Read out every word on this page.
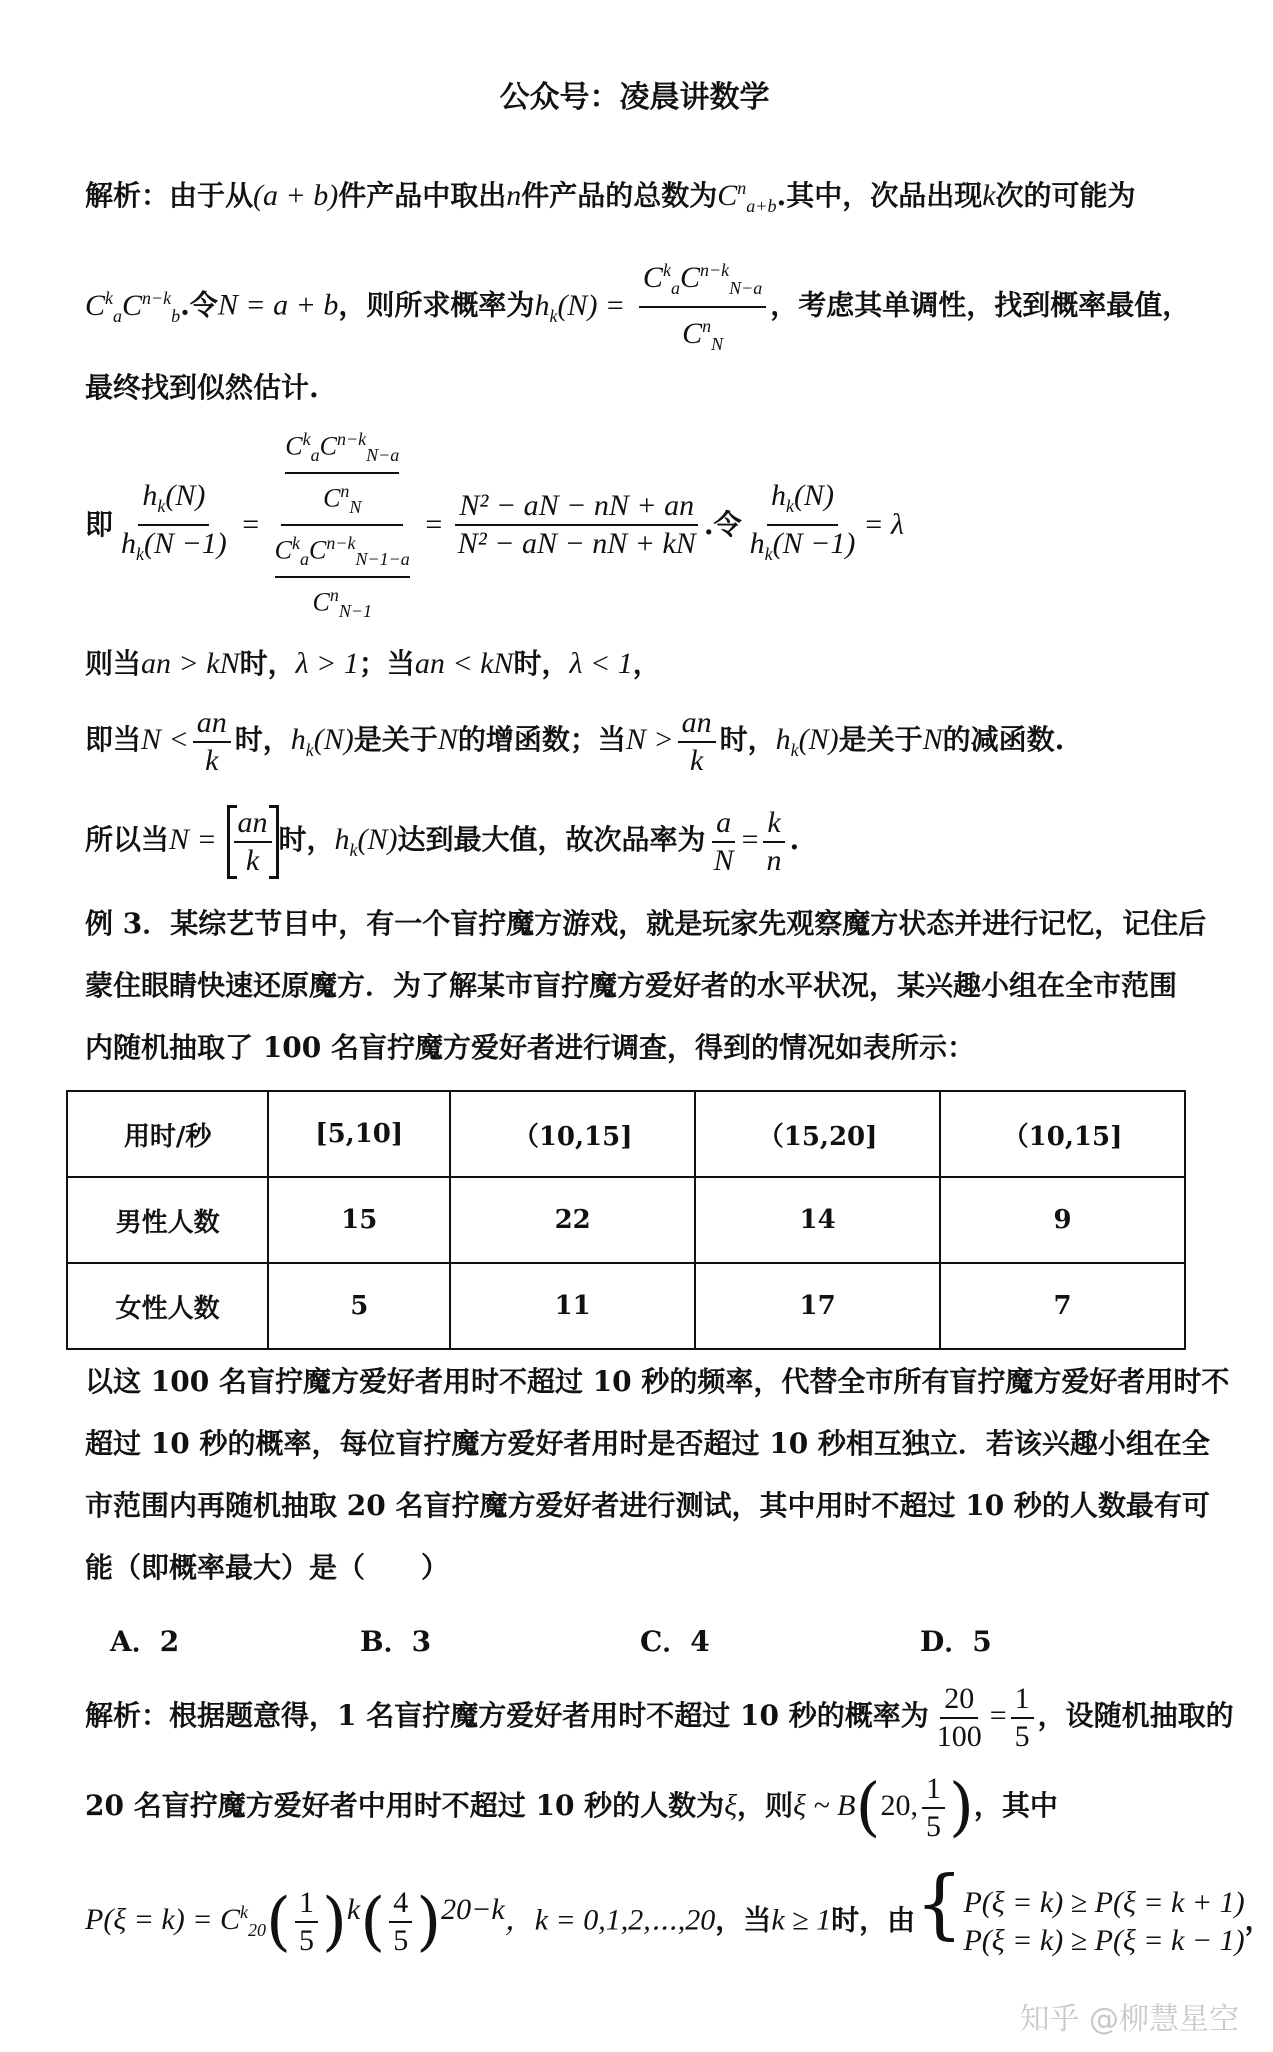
公众号：凌晨讲数学
解析：由于从(a + b)件产品中取出n件产品的总数为$C^n_{a+b}$.其中，次品出现k次的可能为
$C^k_aC^{n-k}_b$.令N = a + b，则所求概率为$h_k(N) = \frac{C^k_aC^{n-k}_{N-a}}{C^n_N}$ ，考虑其单调性，找到概率最值，
最终找到似然估计.
即 $\frac{h_k(N)}{h_k(N -1)} = C^k_aC^{n-k}_{N-a}$
$C^n_N$
$C^k_aC^{n-k}_{N-1-a}$
$C^n_{N-1} = \frac{\text{N² − aN − nN + an}}{\text{N² − aN − nN + kN}}$ .令 $\frac{h_k(N)}{h_k(N -1)} = \lambda$
则当an > kN时，λ > 1；当an < kN时，λ < 1，
即当$N < \frac{an}{k}$ 时，$h_k(N)$是关于N的增函数；当$N > \frac{an}{k}$ 时，$h_k(N)$是关于N的减函数.
所以当$N = \frac{an}{k}$ 时，$h_k(N)$达到最大值，故次品率为 $\frac{a}{N} = \frac{k}{n}$ .
例 3．某综艺节目中，有一个盲拧魔方游戏，就是玩家先观察魔方状态并进行记忆，记住后
蒙住眼睛快速还原魔方．为了解某市盲拧魔方爱好者的水平状况，某兴趣小组在全市范围
内随机抽取了 100 名盲拧魔方爱好者进行调查，得到的情况如表所示：
用时/秒	[5,10]	（10,15]	（15,20]	（10,15]
男性人数	15	22	14	9
女性人数	5	11	17	7
以这 100 名盲拧魔方爱好者用时不超过 10 秒的频率，代替全市所有盲拧魔方爱好者用时不
超过 10 秒的概率，每位盲拧魔方爱好者用时是否超过 10 秒相互独立．若该兴趣小组在全
市范围内再随机抽取 20 名盲拧魔方爱好者进行测试，其中用时不超过 10 秒的人数最有可
能（即概率最大）是（　　）
A．2	B．3	C．4	D．5
解析：根据题意得，1 名盲拧魔方爱好者用时不超过 10 秒的概率为 $\frac{20}{100} = \frac{1}{5}$ ，设随机抽取的
20 名盲拧魔方爱好者中用时不超过 10 秒的人数为ξ，则ξ ~ B(20, $\frac{1}{5}$ )，其中
$P(\xi = k) = C^k_{20}( \frac{1}{5} )^k( \frac{4}{5} )^{20-k}$，k = 0,1,2,⋯,20，当k ≥ 1时，由{ P(ξ = k) ≥ P(ξ = k + 1)
P(ξ = k) ≥ P(ξ = k − 1)
，
知乎 @柳慧星空
